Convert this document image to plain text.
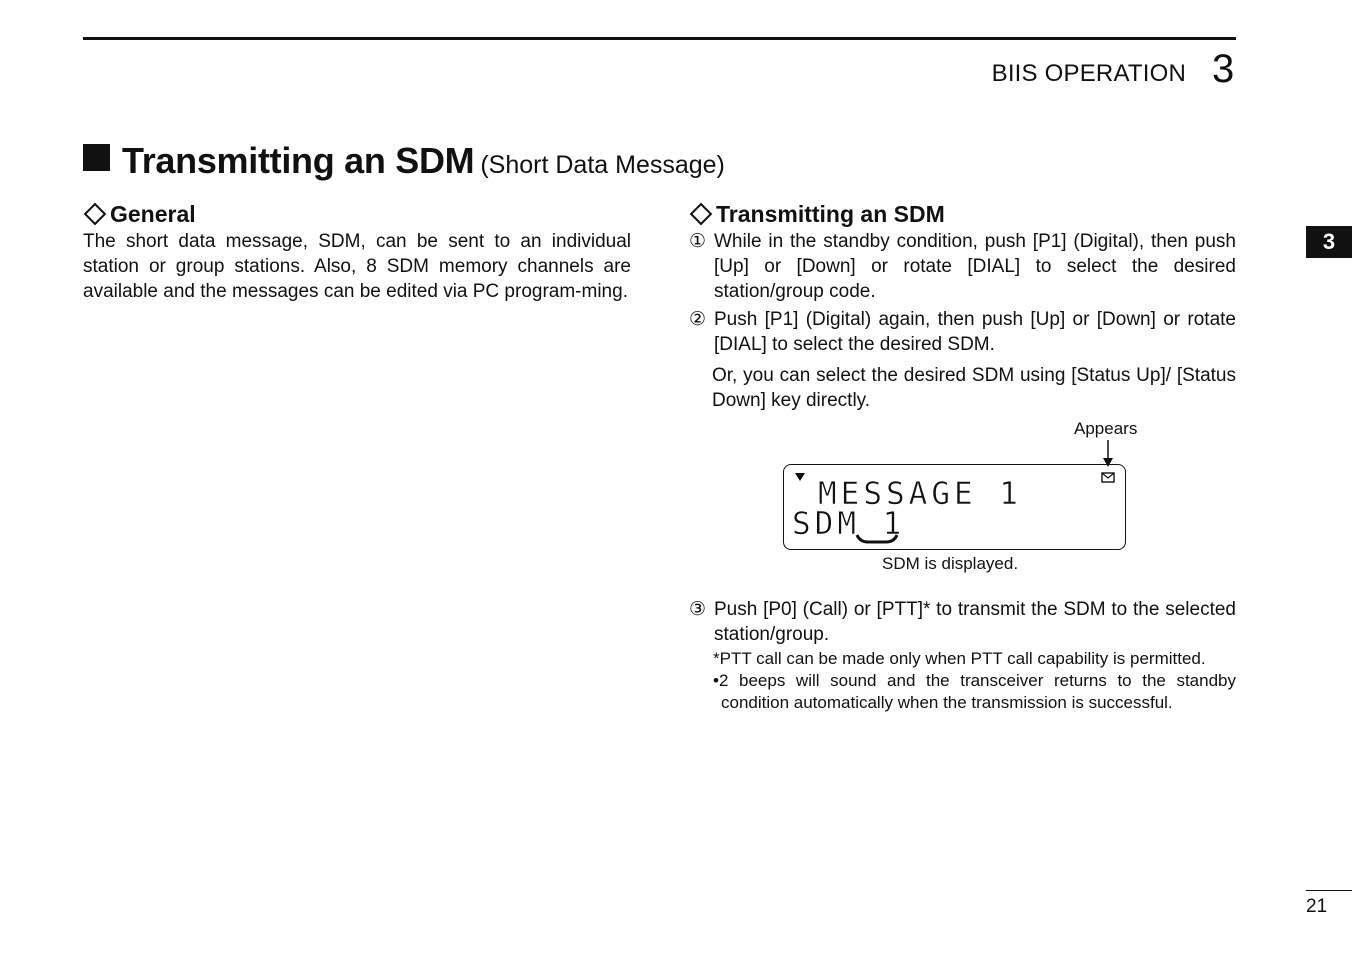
BIIS OPERATION 3
Transmitting an SDM (Short Data Message)
General
The short data message, SDM, can be sent to an individual station or group stations. Also, 8 SDM memory channels are available and the messages can be edited via PC program-ming.
Transmitting an SDM
① While in the standby condition, push [P1] (Digital), then push [Up] or [Down] or rotate [DIAL] to select the desired station/group code.
② Push [P1] (Digital) again, then push [Up] or [Down] or rotate [DIAL] to select the desired SDM.
Or, you can select the desired SDM using [Status Up]/ [Status Down] key directly.
Appears
MESSAGE 1
SDM 1
SDM is displayed.
③ Push [P0] (Call) or [PTT]* to transmit the SDM to the selected station/group.
*PTT call can be made only when PTT call capability is permitted.
•2 beeps will sound and the transceiver returns to the standby condition automatically when the transmission is successful.
3
21
